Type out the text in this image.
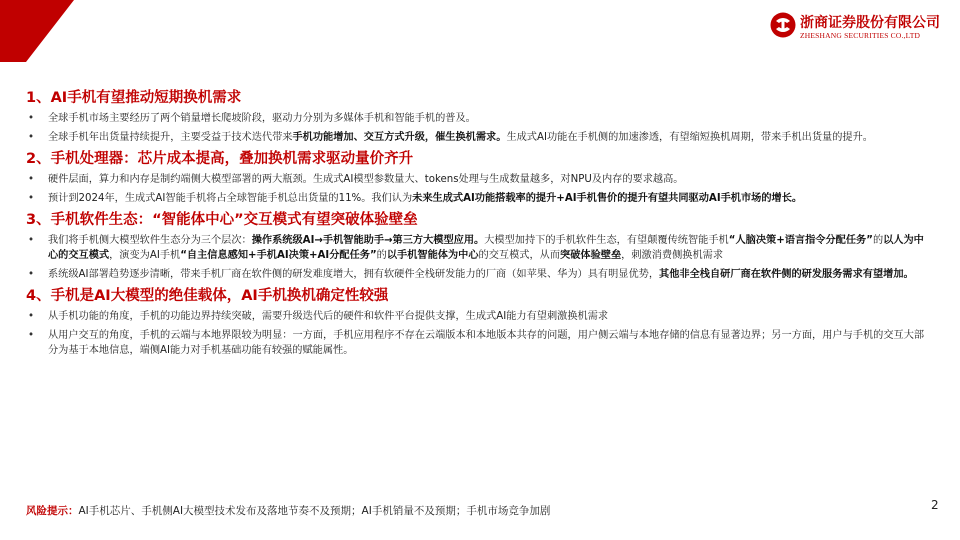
浙商证券股份有限公司
ZHESHANG SECURITIES CO.,LTD
1、AI手机有望推动短期换机需求
• 全球手机市场主要经历了两个销量增长爬坡阶段，驱动力分别为多媒体手机和智能手机的普及。
• 全球手机年出货量持续提升，主要受益于技术迭代带来手机功能增加、交互方式升级，催生换机需求。生成式AI功能在手机侧的加速渗透，有望缩短换机周期，带来手机出货量的提升。
2、手机处理器：芯片成本提高，叠加换机需求驱动量价齐升
• 硬件层面，算力和内存是制约端侧大模型部署的两大瓶颈。生成式AI模型参数量大、tokens处理与生成数量越多，对NPU及内存的要求越高。
• 预计到2024年，生成式AI智能手机将占全球智能手机总出货量的11%。我们认为未来生成式AI功能搭载率的提升+AI手机售价的提升有望共同驱动AI手机市场的增长。
3、手机软件生态：“智能体中心”交互模式有望突破体验壁垒
• 我们将手机侧大模型软件生态分为三个层次：操作系统级AI→手机智能助手→第三方大模型应用。大模型加持下的手机软件生态，有望颠覆传统智能手机“人脑决策+语言指令分配任务”的以人为中心的交互模式，演变为AI手机“自主信息感知+手机AI决策+AI分配任务”的以手机智能体为中心的交互模式，从而突破体验壁垒，刺激消费侧换机需求
• 系统级AI部署趋势逐步清晰，带来手机厂商在软件侧的研发难度增大，拥有软硬件全栈研发能力的厂商（如苹果、华为）具有明显优势，其他非全栈自研厂商在软件侧的研发服务需求有望增加。
4、手机是AI大模型的绝佳载体，AI手机换机确定性较强
• 从手机功能的角度，手机的功能边界持续突破，需要升级迭代后的硬件和软件平台提供支撑，生成式AI能力有望刺激换机需求
• 从用户交互的角度，手机的云端与本地界限较为明显：一方面，手机应用程序不存在云端版本和本地版本共存的问题，用户侧云端与本地存储的信息有显著边界；另一方面，用户与手机的交互大部分为基于本地信息，端侧AI能力对手机基础功能有较强的赋能属性。
风险提示：AI手机芯片、手机侧AI大模型技术发布及落地节奏不及预期；AI手机销量不及预期；手机市场竞争加剧	2
